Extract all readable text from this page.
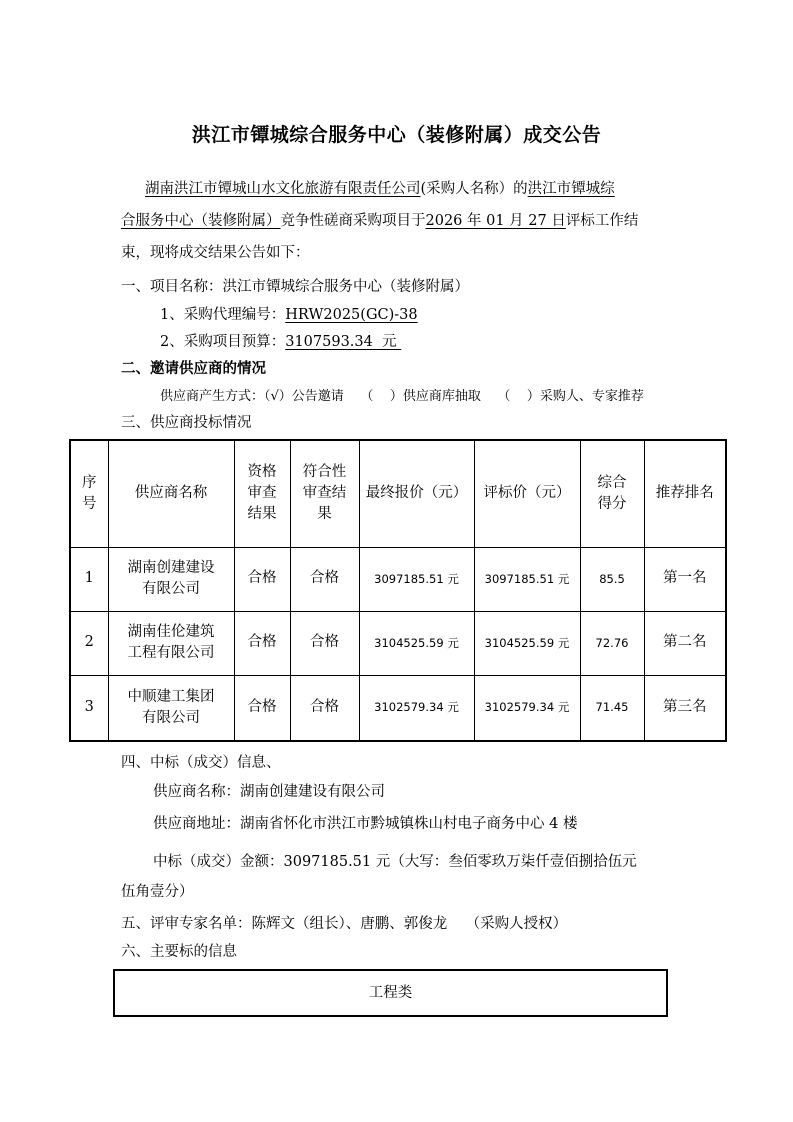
洪江市镡城综合服务中心（装修附属）成交公告
湖南洪江市镡城山水文化旅游有限责任公司(采购人名称）的洪江市镡城综
合服务中心（装修附属）竞争性磋商采购项目于2026 年 01 月 27 日评标工作结
束，现将成交结果公告如下：
一、项目名称：洪江市镡城综合服务中心（装修附属）
1、采购代理编号：HRW2025(GC)-38
2、采购项目预算：3107593.34  元
二、邀请供应商的情况
供应商产生方式：（√）公告邀请    （    ）供应商库抽取    （    ）采购人、专家推荐
三、供应商投标情况
序号	供应商名称	资格审查结果	符合性审查结果	最终报价（元）	评标价（元）	综合得分	推荐排名
1	湖南创建建设有限公司	合格	合格	3097185.51 元	3097185.51 元	85.5	第一名
2	湖南佳伦建筑工程有限公司	合格	合格	3104525.59 元	3104525.59 元	72.76	第二名
3	中顺建工集团有限公司	合格	合格	3102579.34 元	3102579.34 元	71.45	第三名
四、中标（成交）信息、
供应商名称：湖南创建建设有限公司
供应商地址：湖南省怀化市洪江市黔城镇株山村电子商务中心 4 楼
中标（成交）金额：3097185.51 元（大写：叁佰零玖万柒仟壹佰捌拾伍元
伍角壹分）
五、评审专家名单：陈辉文（组长）、唐鹏、郭俊龙    （采购人授权）
六、主要标的信息
工程类
